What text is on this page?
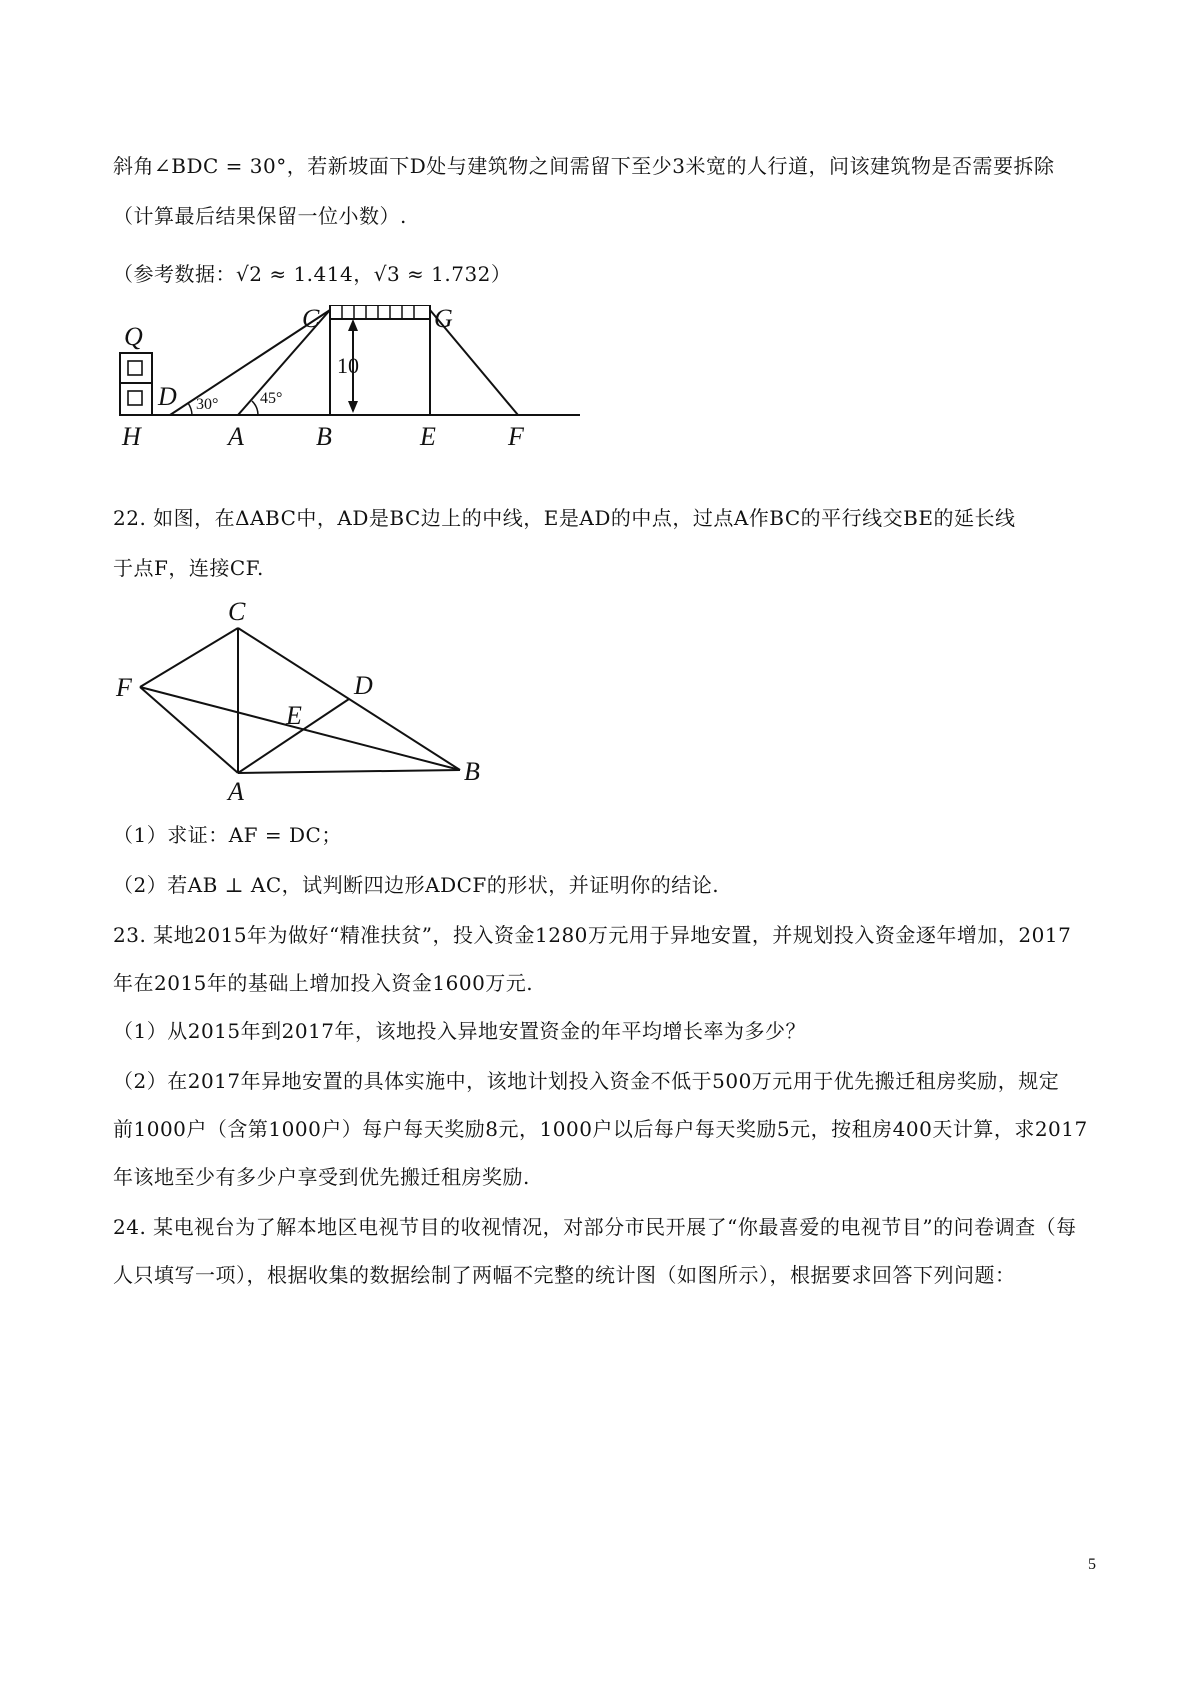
斜角∠BDC = 30°，若新坡面下D处与建筑物之间需留下至少3米宽的人行道，问该建筑物是否需要拆除
（计算最后结果保留一位小数）.
（参考数据：√2 ≈ 1.414，√3 ≈ 1.732）
10
30°	45°
Q
C	G
D
H	A	B	E	F
22. 如图，在ΔABC中，AD是BC边上的中线，E是AD的中点，过点A作BC的平行线交BE的延长线
于点F，连接CF.
C
D
E
F
A
B
（1）求证：AF = DC；
（2）若AB ⊥ AC，试判断四边形ADCF的形状，并证明你的结论.
23. 某地2015年为做好“精准扶贫”，投入资金1280万元用于异地安置，并规划投入资金逐年增加，2017
年在2015年的基础上增加投入资金1600万元.
（1）从2015年到2017年，该地投入异地安置资金的年平均增长率为多少？
（2）在2017年异地安置的具体实施中，该地计划投入资金不低于500万元用于优先搬迁租房奖励，规定
前1000户（含第1000户）每户每天奖励8元，1000户以后每户每天奖励5元，按租房400天计算，求2017
年该地至少有多少户享受到优先搬迁租房奖励.
24. 某电视台为了解本地区电视节目的收视情况，对部分市民开展了“你最喜爱的电视节目”的问卷调查（每
人只填写一项），根据收集的数据绘制了两幅不完整的统计图（如图所示），根据要求回答下列问题：
5
